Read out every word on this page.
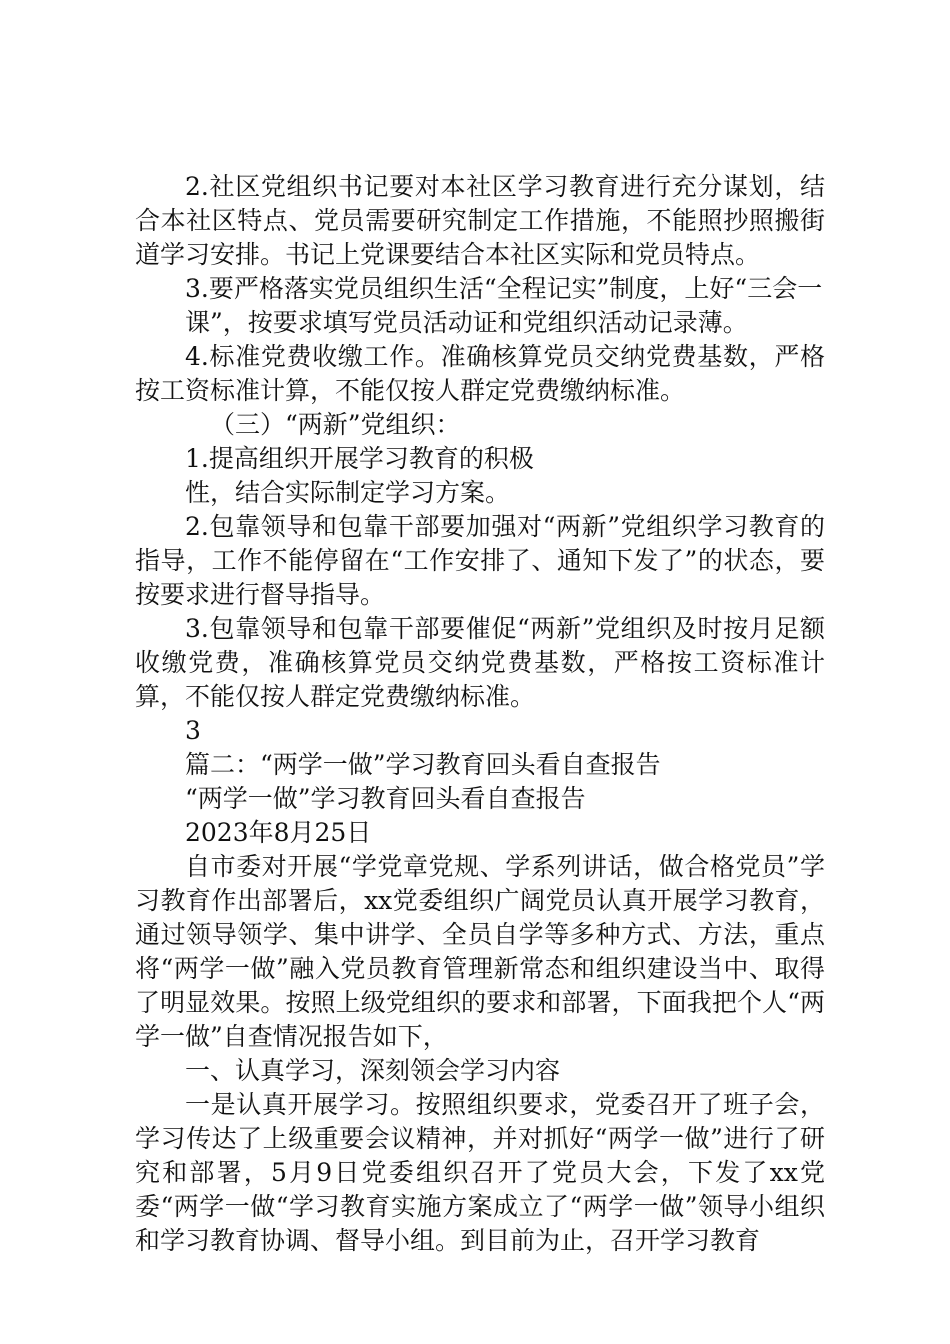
2.社区党组织书记要对本社区学习教育进行充分谋划，结合本社区特点、党员需要研究制定工作措施，不能照抄照搬街道学习安排。书记上党课要结合本社区实际和党员特点。

3.要严格落实党员组织生活“全程记实”制度，上好“三会一

课”，按要求填写党员活动证和党组织活动记录薄。

4.标准党费收缴工作。准确核算党员交纳党费基数，严格按工资标准计算，不能仅按人群定党费缴纳标准。

（三）“两新”党组织：

1.提高组织开展学习教育的积极

性，结合实际制定学习方案。

2.包靠领导和包靠干部要加强对“两新”党组织学习教育的指导，工作不能停留在“工作安排了、通知下发了”的状态，要按要求进行督导指导。

3.包靠领导和包靠干部要催促“两新”党组织及时按月足额收缴党费，准确核算党员交纳党费基数，严格按工资标准计算，不能仅按人群定党费缴纳标准。

3

篇二：“两学一做”学习教育回头看自查报告

“两学一做”学习教育回头看自查报告

2023年8月25日

自市委对开展“学党章党规、学系列讲话，做合格党员”学习教育作出部署后，xx党委组织广阔党员认真开展学习教育，通过领导领学、集中讲学、全员自学等多种方式、方法，重点将“两学一做”融入党员教育管理新常态和组织建设当中、取得了明显效果。按照上级党组织的要求和部署，下面我把个人“两学一做”自查情况报告如下，

一、认真学习，深刻领会学习内容

一是认真开展学习。按照组织要求，党委召开了班子会，学习传达了上级重要会议精神，并对抓好“两学一做”进行了研究和部署，5月9日党委组织召开了党员大会，下发了xx党委“两学一做“学习教育实施方案成立了“两学一做”领导小组织和学习教育协调、督导小组。到目前为止，召开学习教育
